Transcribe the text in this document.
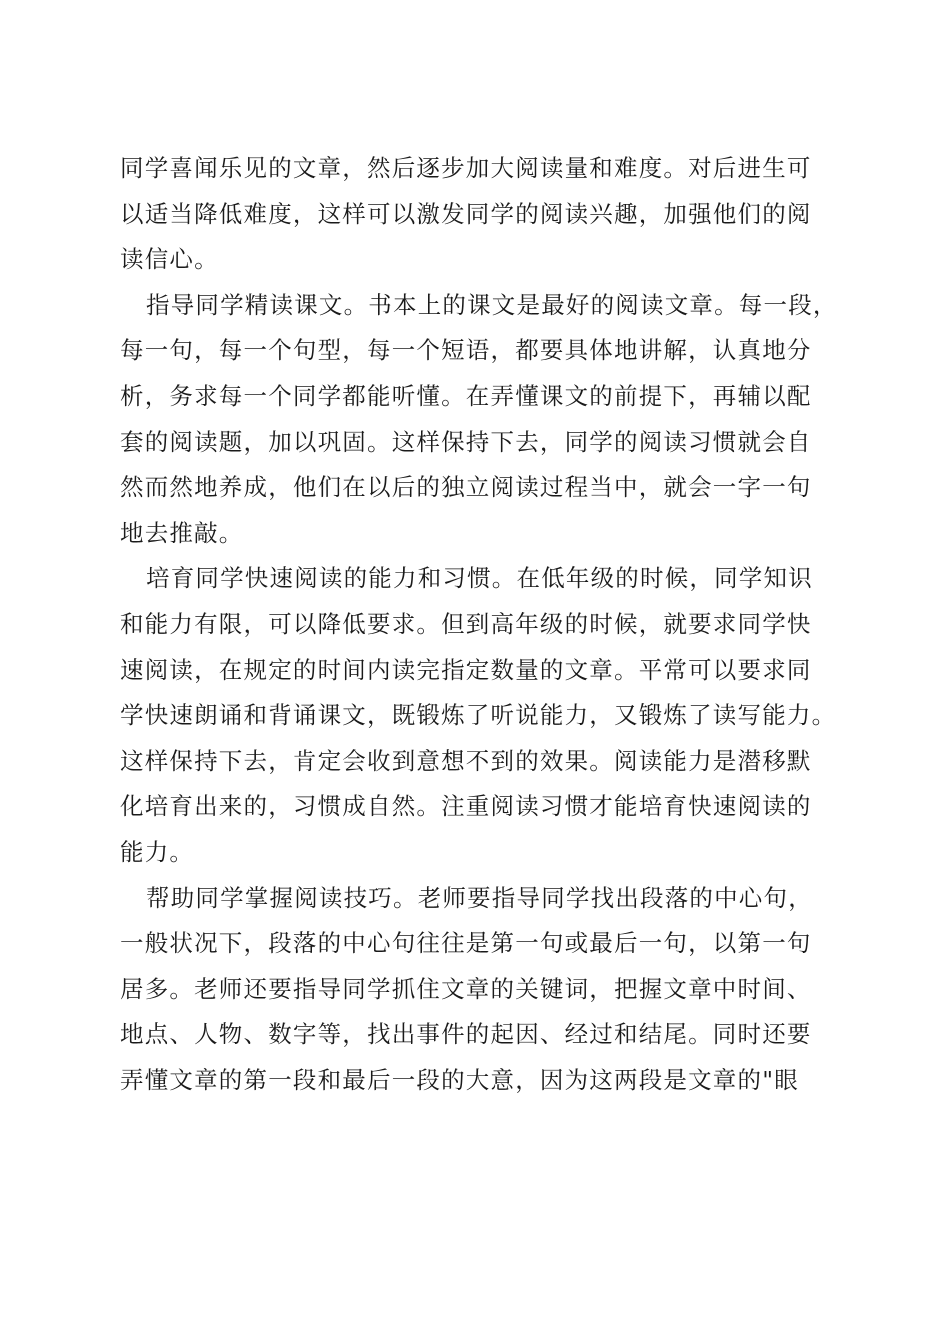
同学喜闻乐见的文章，然后逐步加大阅读量和难度。对后进生可
以适当降低难度，这样可以激发同学的阅读兴趣，加强他们的阅
读信心。
指导同学精读课文。书本上的课文是最好的阅读文章。每一段，
每一句，每一个句型，每一个短语，都要具体地讲解，认真地分
析，务求每一个同学都能听懂。在弄懂课文的前提下，再辅以配
套的阅读题，加以巩固。这样保持下去，同学的阅读习惯就会自
然而然地养成，他们在以后的独立阅读过程当中，就会一字一句
地去推敲。
培育同学快速阅读的能力和习惯。在低年级的时候，同学知识
和能力有限，可以降低要求。但到高年级的时候，就要求同学快
速阅读，在规定的时间内读完指定数量的文章。平常可以要求同
学快速朗诵和背诵课文，既锻炼了听说能力，又锻炼了读写能力。
这样保持下去，肯定会收到意想不到的效果。阅读能力是潜移默
化培育出来的，习惯成自然。注重阅读习惯才能培育快速阅读的
能力。
帮助同学掌握阅读技巧。老师要指导同学找出段落的中心句，
一般状况下，段落的中心句往往是第一句或最后一句，以第一句
居多。老师还要指导同学抓住文章的关键词，把握文章中时间、
地点、人物、数字等，找出事件的起因、经过和结尾。同时还要
弄懂文章的第一段和最后一段的大意，因为这两段是文章的"眼
